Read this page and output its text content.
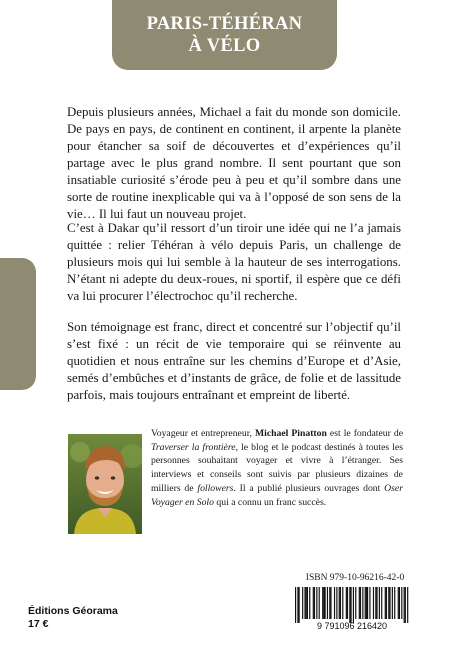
PARIS-TÉHÉRAN
À VÉLO

Depuis plusieurs années, Michael a fait du monde son domicile. De pays en pays, de continent en continent, il arpente la planète pour étancher sa soif de découvertes et d’expériences qu’il partage avec le plus grand nombre. Il sent pourtant que son insatiable curiosité s’érode peu à peu et qu’il sombre dans une sorte de routine inexplicable qui va à l’opposé de son sens de la vie… Il lui faut un nouveau projet.

C’est à Dakar qu’il ressort d’un tiroir une idée qui ne l’a jamais quittée : relier Téhéran à vélo depuis Paris, un challenge de plusieurs mois qui lui semble à la hauteur de ses interrogations. N’étant ni adepte du deux-roues, ni sportif, il espère que ce défi va lui procurer l’électrochoc qu’il recherche.

Son témoignage est franc, direct et concentré sur l’objectif qu’il s’est fixé : un récit de vie temporaire qui se réinvente au quotidien et nous entraîne sur les chemins d’Europe et d’Asie, semés d’embûches et d’instants de grâce, de folie et de lassitude parfois, mais toujours entraînant et empreint de liberté.

Voyageur et entrepreneur, Michael Pinatton est le fondateur de Traverser la frontière, le blog et le podcast destinés à toutes les personnes souhaitant voyager et vivre à l’étranger. Ses interviews et conseils sont suivis par plusieurs dizaines de milliers de followers. Il a publié plusieurs ouvrages dont Oser Voyager en Solo qui a connu un franc succès.

ISBN 979-10-96216-42-0
9 791096 216420
Éditions Géorama
17 €
